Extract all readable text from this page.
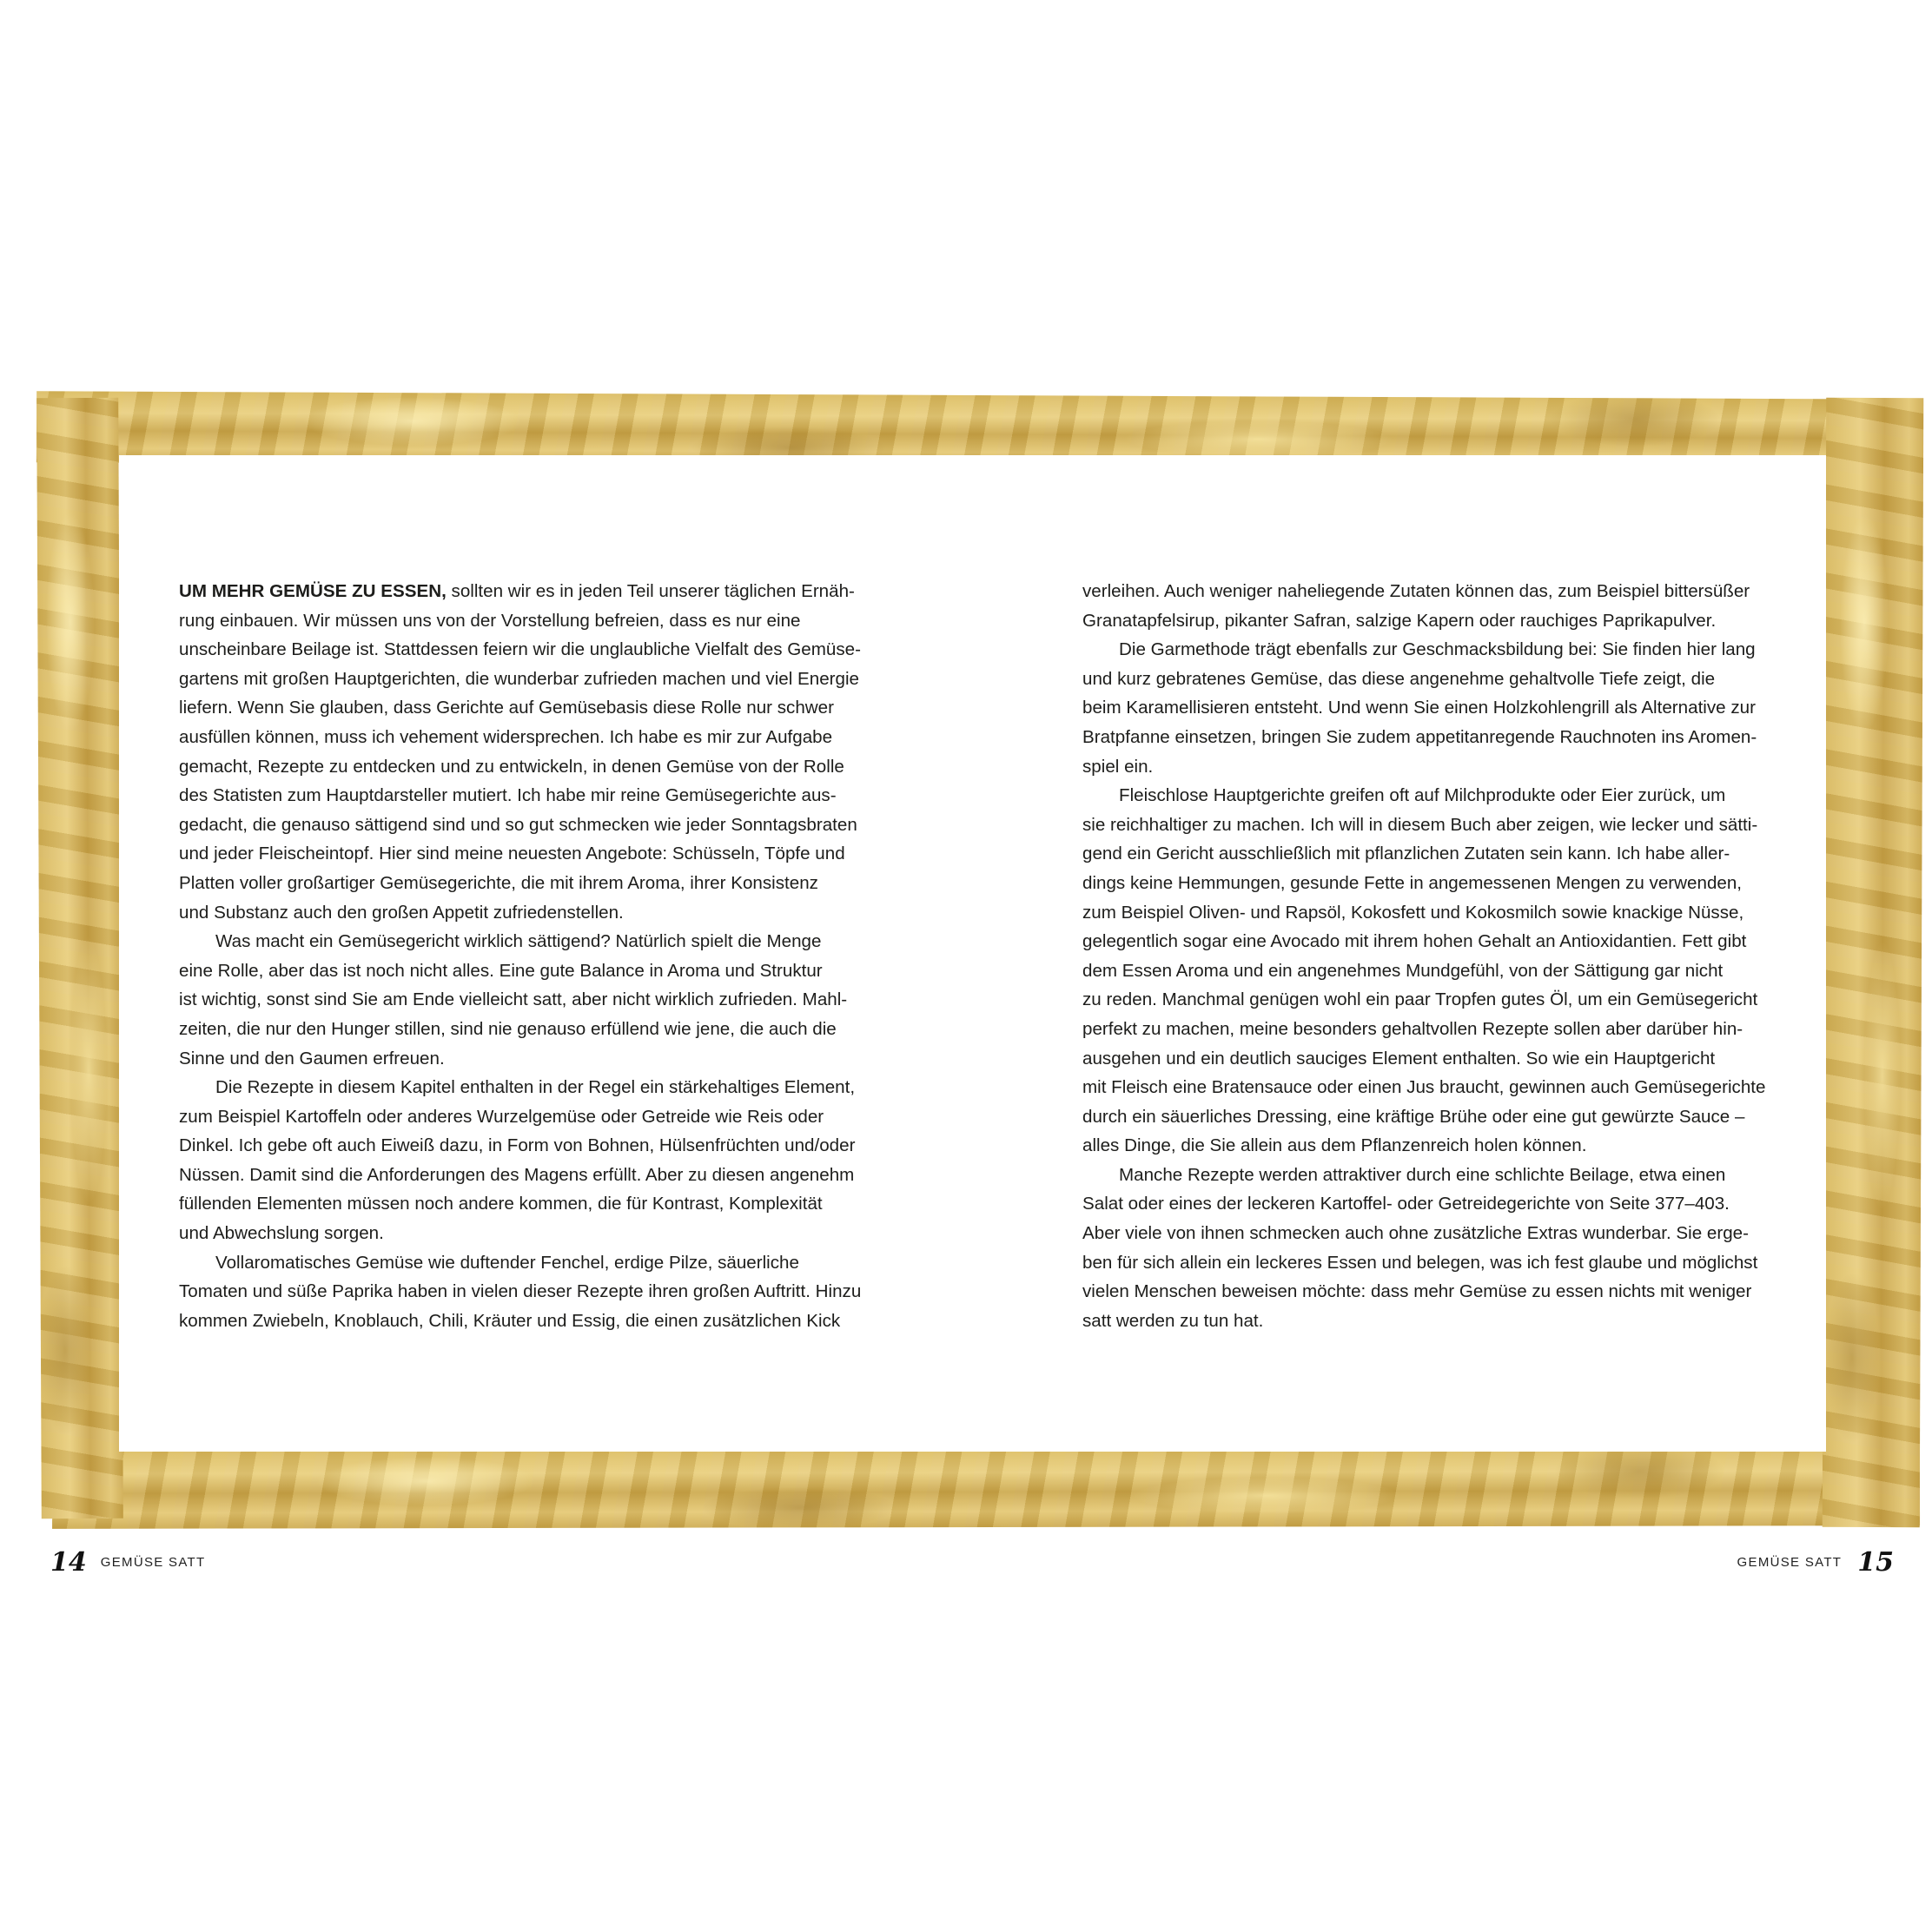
UM MEHR GEMÜSE ZU ESSEN, sollten wir es in jeden Teil unserer täglichen Ernäh-
rung einbauen. Wir müssen uns von der Vorstellung befreien, dass es nur eine
unscheinbare Beilage ist. Stattdessen feiern wir die unglaubliche Vielfalt des Gemüse-
gartens mit großen Hauptgerichten, die wunderbar zufrieden machen und viel Energie
liefern. Wenn Sie glauben, dass Gerichte auf Gemüsebasis diese Rolle nur schwer
ausfüllen können, muss ich vehement widersprechen. Ich habe es mir zur Aufgabe
gemacht, Rezepte zu entdecken und zu entwickeln, in denen Gemüse von der Rolle
des Statisten zum Hauptdarsteller mutiert. Ich habe mir reine Gemüsegerichte aus-
gedacht, die genauso sättigend sind und so gut schmecken wie jeder Sonntagsbraten
und jeder Fleischeintopf. Hier sind meine neuesten Angebote: Schüsseln, Töpfe und
Platten voller großartiger Gemüsegerichte, die mit ihrem Aroma, ihrer Konsistenz
und Substanz auch den großen Appetit zufriedenstellen.
Was macht ein Gemüsegericht wirklich sättigend? Natürlich spielt die Menge
eine Rolle, aber das ist noch nicht alles. Eine gute Balance in Aroma und Struktur
ist wichtig, sonst sind Sie am Ende vielleicht satt, aber nicht wirklich zufrieden. Mahl-
zeiten, die nur den Hunger stillen, sind nie genauso erfüllend wie jene, die auch die
Sinne und den Gaumen erfreuen.
Die Rezepte in diesem Kapitel enthalten in der Regel ein stärkehaltiges Element,
zum Beispiel Kartoffeln oder anderes Wurzelgemüse oder Getreide wie Reis oder
Dinkel. Ich gebe oft auch Eiweiß dazu, in Form von Bohnen, Hülsenfrüchten und/oder
Nüssen. Damit sind die Anforderungen des Magens erfüllt. Aber zu diesen angenehm
füllenden Elementen müssen noch andere kommen, die für Kontrast, Komplexität
und Abwechslung sorgen.
Vollaromatisches Gemüse wie duftender Fenchel, erdige Pilze, säuerliche
Tomaten und süße Paprika haben in vielen dieser Rezepte ihren großen Auftritt. Hinzu
kommen Zwiebeln, Knoblauch, Chili, Kräuter und Essig, die einen zusätzlichen Kick
verleihen. Auch weniger naheliegende Zutaten können das, zum Beispiel bittersüßer
Granatapfelsirup, pikanter Safran, salzige Kapern oder rauchiges Paprikapulver.
Die Garmethode trägt ebenfalls zur Geschmacksbildung bei: Sie finden hier lang
und kurz gebratenes Gemüse, das diese angenehme gehaltvolle Tiefe zeigt, die
beim Karamellisieren entsteht. Und wenn Sie einen Holzkohlengrill als Alternative zur
Bratpfanne einsetzen, bringen Sie zudem appetitanregende Rauchnoten ins Aromen-
spiel ein.
Fleischlose Hauptgerichte greifen oft auf Milchprodukte oder Eier zurück, um
sie reichhaltiger zu machen. Ich will in diesem Buch aber zeigen, wie lecker und sätti-
gend ein Gericht ausschließlich mit pflanzlichen Zutaten sein kann. Ich habe aller-
dings keine Hemmungen, gesunde Fette in angemessenen Mengen zu verwenden,
zum Beispiel Oliven- und Rapsöl, Kokosfett und Kokosmilch sowie knackige Nüsse,
gelegentlich sogar eine Avocado mit ihrem hohen Gehalt an Antioxidantien. Fett gibt
dem Essen Aroma und ein angenehmes Mundgefühl, von der Sättigung gar nicht
zu reden. Manchmal genügen wohl ein paar Tropfen gutes Öl, um ein Gemüsegericht
perfekt zu machen, meine besonders gehaltvollen Rezepte sollen aber darüber hin-
ausgehen und ein deutlich sauciges Element enthalten. So wie ein Hauptgericht
mit Fleisch eine Bratensauce oder einen Jus braucht, gewinnen auch Gemüsegerichte
durch ein säuerliches Dressing, eine kräftige Brühe oder eine gut gewürzte Sauce –
alles Dinge, die Sie allein aus dem Pflanzenreich holen können.
Manche Rezepte werden attraktiver durch eine schlichte Beilage, etwa einen
Salat oder eines der leckeren Kartoffel- oder Getreidegerichte von Seite 377–403.
Aber viele von ihnen schmecken auch ohne zusätzliche Extras wunderbar. Sie erge-
ben für sich allein ein leckeres Essen und belegen, was ich fest glaube und möglichst
vielen Menschen beweisen möchte: dass mehr Gemüse zu essen nichts mit weniger
satt werden zu tun hat.
14 GEMÜSE SATT	GEMÜSE SATT 15
